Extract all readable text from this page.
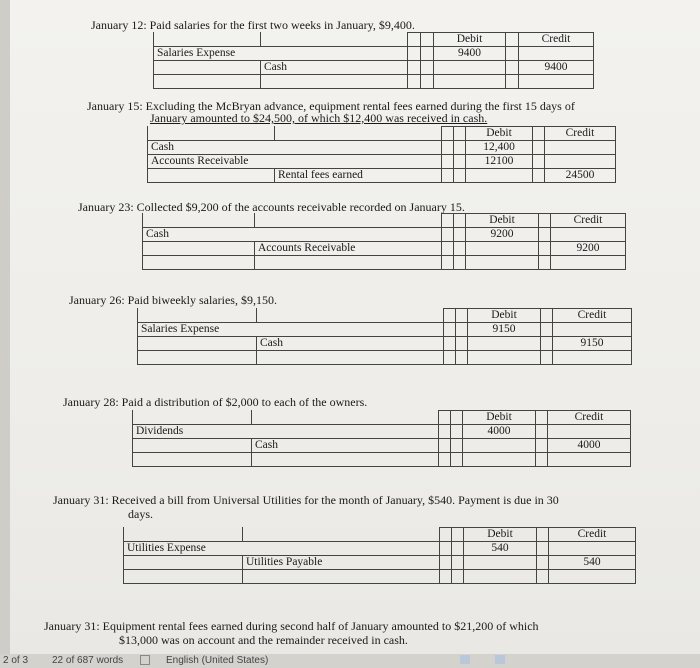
January 12: Paid salaries for the first two weeks in January, $9,400.
				Debit		Credit
Salaries Expense				9400		
	Cash					9400

January 15: Excluding the McBryan advance, equipment rental fees earned during the first 15 days of
January amounted to $24,500, of which $12,400 was received in cash.
				Debit		Credit
Cash				12,400		
Accounts Receivable				12100		
	Rental fees earned					24500
January 23: Collected $9,200 of the accounts receivable recorded on January 15.
				Debit		Credit
Cash				9200		
	Accounts Receivable					9200

January 26: Paid biweekly salaries, $9,150.
				Debit		Credit
Salaries Expense				9150		
	Cash					9150

January 28: Paid a distribution of $2,000 to each of the owners.
				Debit		Credit
Dividends				4000		
	Cash					4000

January 31: Received a bill from Universal Utilities for the month of January, $540. Payment is due in 30
days.
				Debit		Credit
Utilities Expense				540		
	Utilities Payable					540

January 31: Equipment rental fees earned during second half of January amounted to $21,200 of which
$13,000 was on account and the remainder received in cash.
2 of 3 22 of 687 words	English (United States)
